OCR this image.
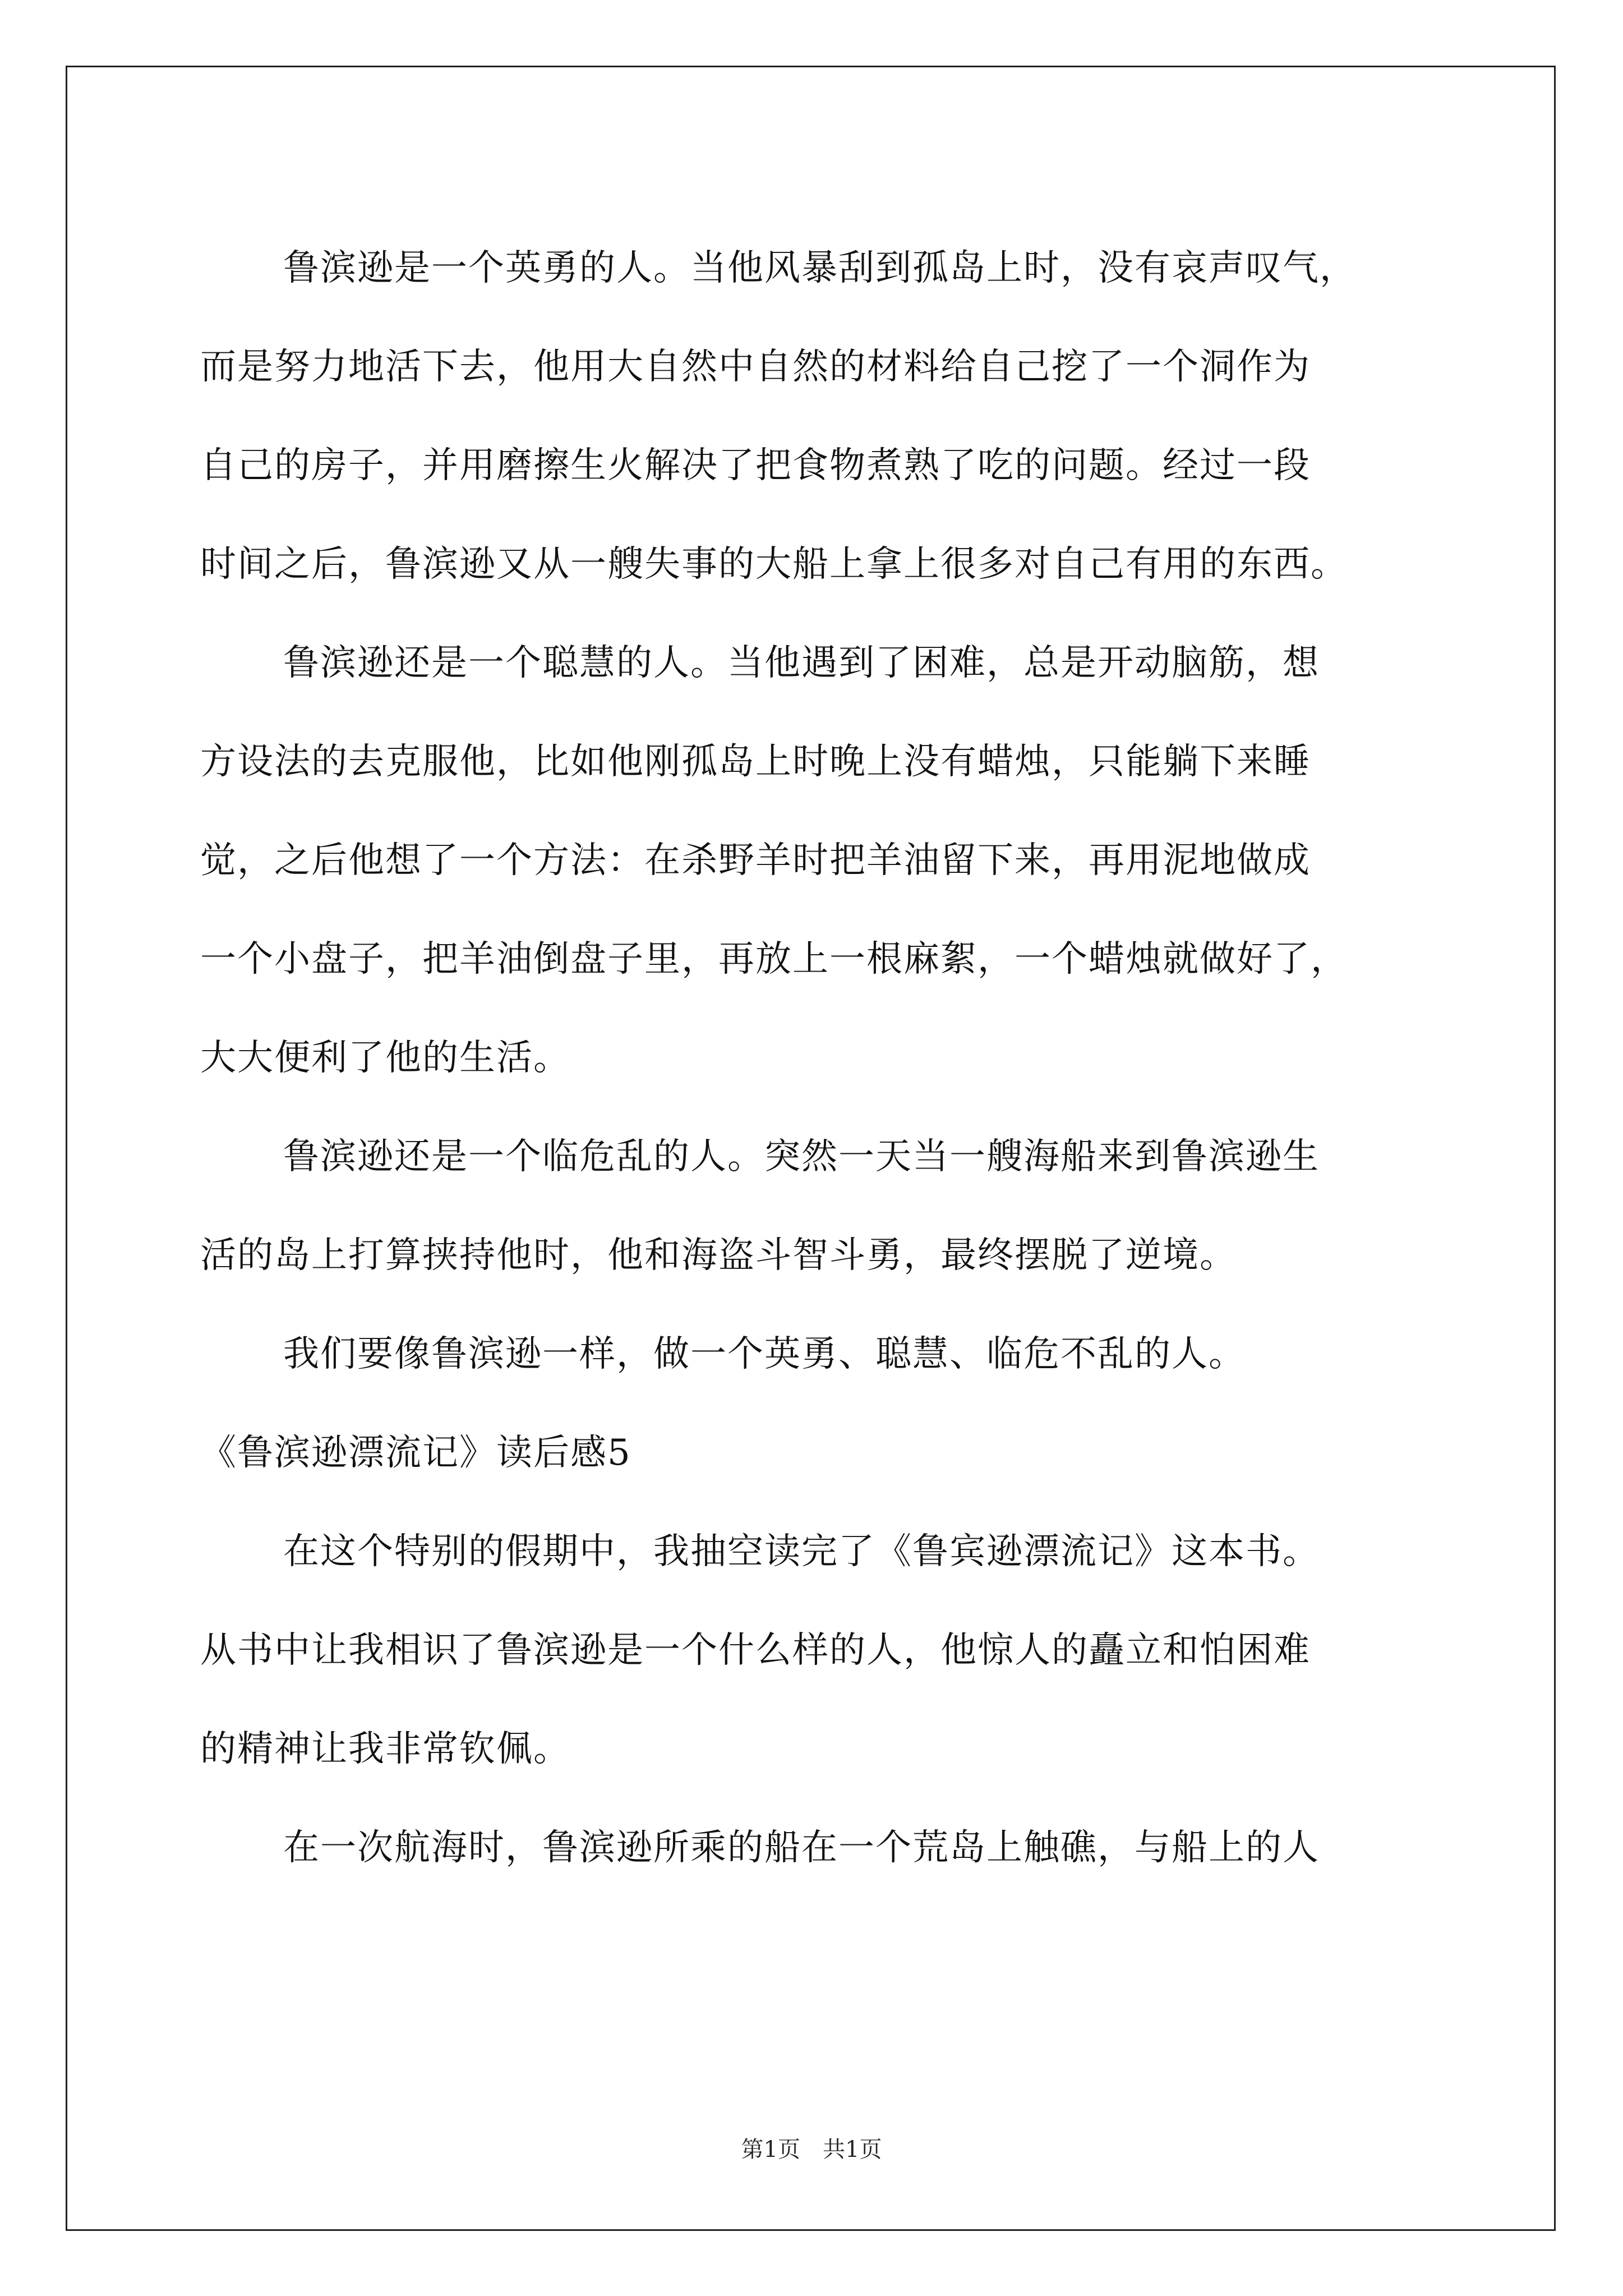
鲁滨逊是一个英勇的人。当他风暴刮到孤岛上时，没有哀声叹气，
而是努力地活下去，他用大自然中自然的材料给自己挖了一个洞作为
自己的房子，并用磨擦生火解决了把食物煮熟了吃的问题。经过一段
时间之后，鲁滨逊又从一艘失事的大船上拿上很多对自己有用的东西。
鲁滨逊还是一个聪慧的人。当他遇到了困难，总是开动脑筋，想
方设法的去克服他，比如他刚孤岛上时晚上没有蜡烛，只能躺下来睡
觉，之后他想了一个方法：在杀野羊时把羊油留下来，再用泥地做成
一个小盘子，把羊油倒盘子里，再放上一根麻絮，一个蜡烛就做好了，
大大便利了他的生活。
鲁滨逊还是一个临危乱的人。突然一天当一艘海船来到鲁滨逊生
活的岛上打算挟持他时，他和海盗斗智斗勇，最终摆脱了逆境。
我们要像鲁滨逊一样，做一个英勇、聪慧、临危不乱的人。
《鲁滨逊漂流记》读后感5
在这个特别的假期中，我抽空读完了《鲁宾逊漂流记》这本书。
从书中让我相识了鲁滨逊是一个什么样的人，他惊人的矗立和怕困难
的精神让我非常钦佩。
在一次航海时，鲁滨逊所乘的船在一个荒岛上触礁，与船上的人
第1页　共1页
